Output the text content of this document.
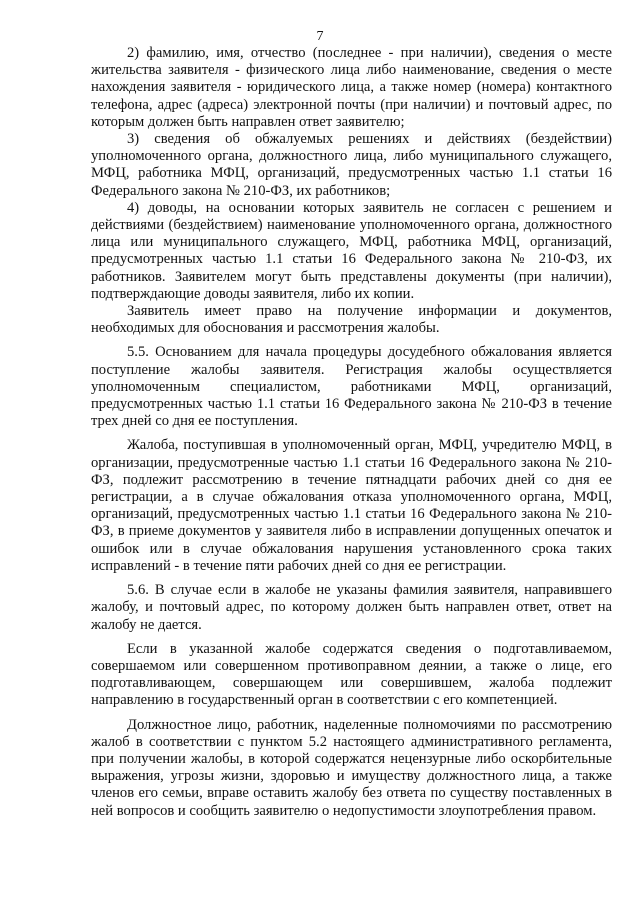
7

2) фамилию, имя, отчество (последнее - при наличии), сведения о месте жительства заявителя - физического лица либо наименование, сведения о месте нахождения заявителя - юридического лица, а также номер (номера) контактного телефона, адрес (адреса) электронной почты (при наличии) и почтовый адрес, по которым должен быть направлен ответ заявителю;

3) сведения об обжалуемых решениях и действиях (бездействии) уполномоченного органа, должностного лица, либо муниципального служащего, МФЦ, работника МФЦ, организаций, предусмотренных частью 1.1 статьи 16 Федерального закона № 210-ФЗ, их работников;

4) доводы, на основании которых заявитель не согласен с решением и действиями (бездействием) наименование уполномоченного органа, должностного лица или муниципального служащего, МФЦ, работника МФЦ, организаций, предусмотренных частью 1.1 статьи 16 Федерального закона № 210-ФЗ, их работников. Заявителем могут быть представлены документы (при наличии), подтверждающие доводы заявителя, либо их копии.

Заявитель имеет право на получение информации и документов, необходимых для обоснования и рассмотрения жалобы.

5.5. Основанием для начала процедуры досудебного обжалования является поступление жалобы заявителя. Регистрация жалобы осуществляется уполномоченным специалистом, работниками МФЦ, организаций, предусмотренных частью 1.1 статьи 16 Федерального закона № 210-ФЗ в течение трех дней со дня ее поступления.

Жалоба, поступившая в уполномоченный орган, МФЦ, учредителю МФЦ, в организации, предусмотренные частью 1.1 статьи 16 Федерального закона № 210-ФЗ, подлежит рассмотрению в течение пятнадцати рабочих дней со дня ее регистрации, а в случае обжалования отказа уполномоченного органа, МФЦ, организаций, предусмотренных частью 1.1 статьи 16 Федерального закона № 210-ФЗ, в приеме документов у заявителя либо в исправлении допущенных опечаток и ошибок или в случае обжалования нарушения установленного срока таких исправлений - в течение пяти рабочих дней со дня ее регистрации.

5.6. В случае если в жалобе не указаны фамилия заявителя, направившего жалобу, и почтовый адрес, по которому должен быть направлен ответ, ответ на жалобу не дается.

Если в указанной жалобе содержатся сведения о подготавливаемом, совершаемом или совершенном противоправном деянии, а также о лице, его подготавливающем, совершающем или совершившем, жалоба подлежит направлению в государственный орган в соответствии с его компетенцией.

Должностное лицо, работник, наделенные полномочиями по рассмотрению жалоб в соответствии с пунктом 5.2 настоящего административного регламента, при получении жалобы, в которой содержатся нецензурные либо оскорбительные выражения, угрозы жизни, здоровью и имуществу должностного лица, а также членов его семьи, вправе оставить жалобу без ответа по существу поставленных в ней вопросов и сообщить заявителю о недопустимости злоупотребления правом.
